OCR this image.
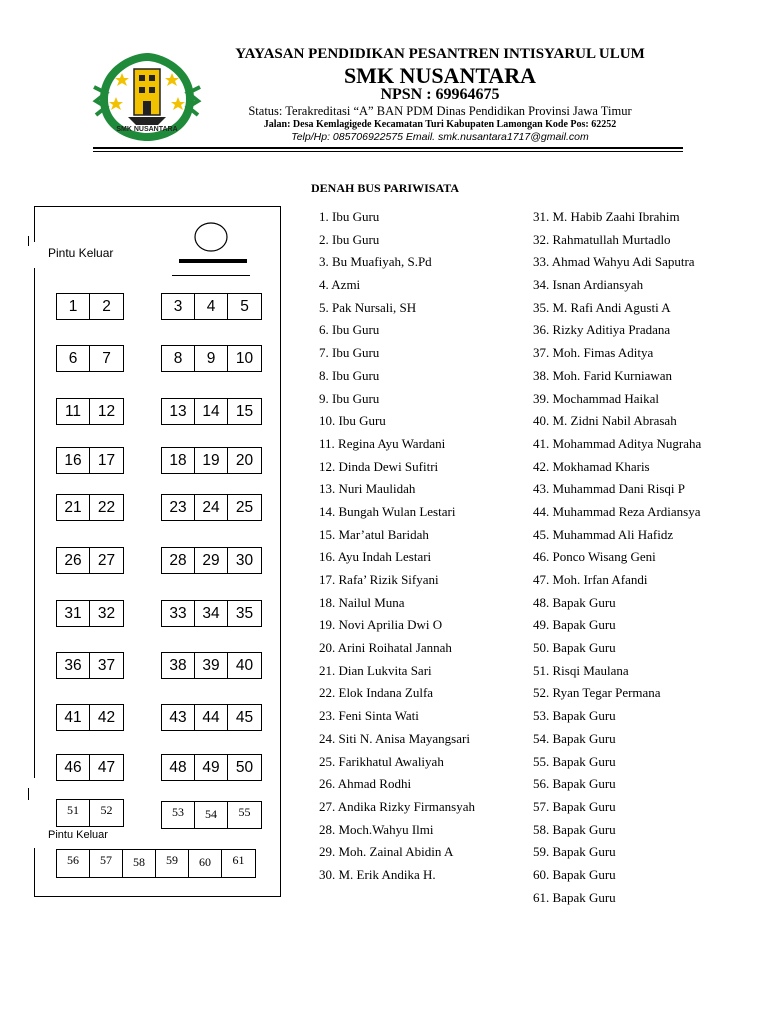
SMK NUSANTARA
YAYASAN PENDIDIKAN PESANTREN INTISYARUL ULUM
SMK NUSANTARA
NPSN : 69964675
Status: Terakreditasi “A” BAN PDM Dinas Pendidikan Provinsi Jawa Timur
Jalan: Desa Kemlagigede Kecamatan Turi Kabupaten Lamongan Kode Pos: 62252
Telp/Hp: 085706922575 Email. smk.nusantara1717@gmail.com
DENAH BUS PARIWISATA
Pintu Keluar
Pintu Keluar
1	2	3	4	5
6	7	8	9	10
11	12	13	14	15
16	17	18	19	20
21	22	23	24	25
26	27	28	29	30
31	32	33	34	35
36	37	38	39	40
41	42	43	44	45
46	47	48	49	50
51	52	53	54	55
56	57	58	59	60	61
1. Ibu Guru
2. Ibu Guru
3. Bu Muafiyah, S.Pd
4. Azmi
5. Pak Nursali, SH
6. Ibu Guru
7. Ibu Guru
8. Ibu Guru
9. Ibu Guru
10. Ibu Guru
11. Regina Ayu Wardani
12. Dinda Dewi Sufitri
13. Nuri Maulidah
14. Bungah Wulan Lestari
15. Mar’atul Baridah
16. Ayu Indah Lestari
17. Rafa’ Rizik Sifyani
18. Nailul Muna
19. Novi Aprilia Dwi O
20. Arini Roihatal Jannah
21. Dian Lukvita Sari
22. Elok Indana Zulfa
23. Feni Sinta Wati
24. Siti N. Anisa Mayangsari
25. Farikhatul Awaliyah
26. Ahmad Rodhi
27. Andika Rizky Firmansyah
28. Moch.Wahyu Ilmi
29. Moh. Zainal Abidin A
30. M. Erik Andika H.
31. M. Habib Zaahi Ibrahim
32. Rahmatullah Murtadlo
33. Ahmad Wahyu Adi Saputra
34. Isnan Ardiansyah
35. M. Rafi Andi Agusti A
36. Rizky Aditiya Pradana
37. Moh. Fimas Aditya
38. Moh. Farid Kurniawan
39. Mochammad Haikal
40. M. Zidni Nabil Abrasah
41. Mohammad Aditya Nugraha
42. Mokhamad Kharis
43. Muhammad Dani Risqi P
44. Muhammad Reza Ardiansya
45. Muhammad Ali Hafidz
46. Ponco Wisang Geni
47. Moh. Irfan Afandi
48. Bapak Guru
49. Bapak Guru
50. Bapak Guru
51. Risqi Maulana
52. Ryan Tegar Permana
53. Bapak Guru
54. Bapak Guru
55. Bapak Guru
56. Bapak Guru
57. Bapak Guru
58. Bapak Guru
59. Bapak Guru
60. Bapak Guru
61. Bapak Guru
